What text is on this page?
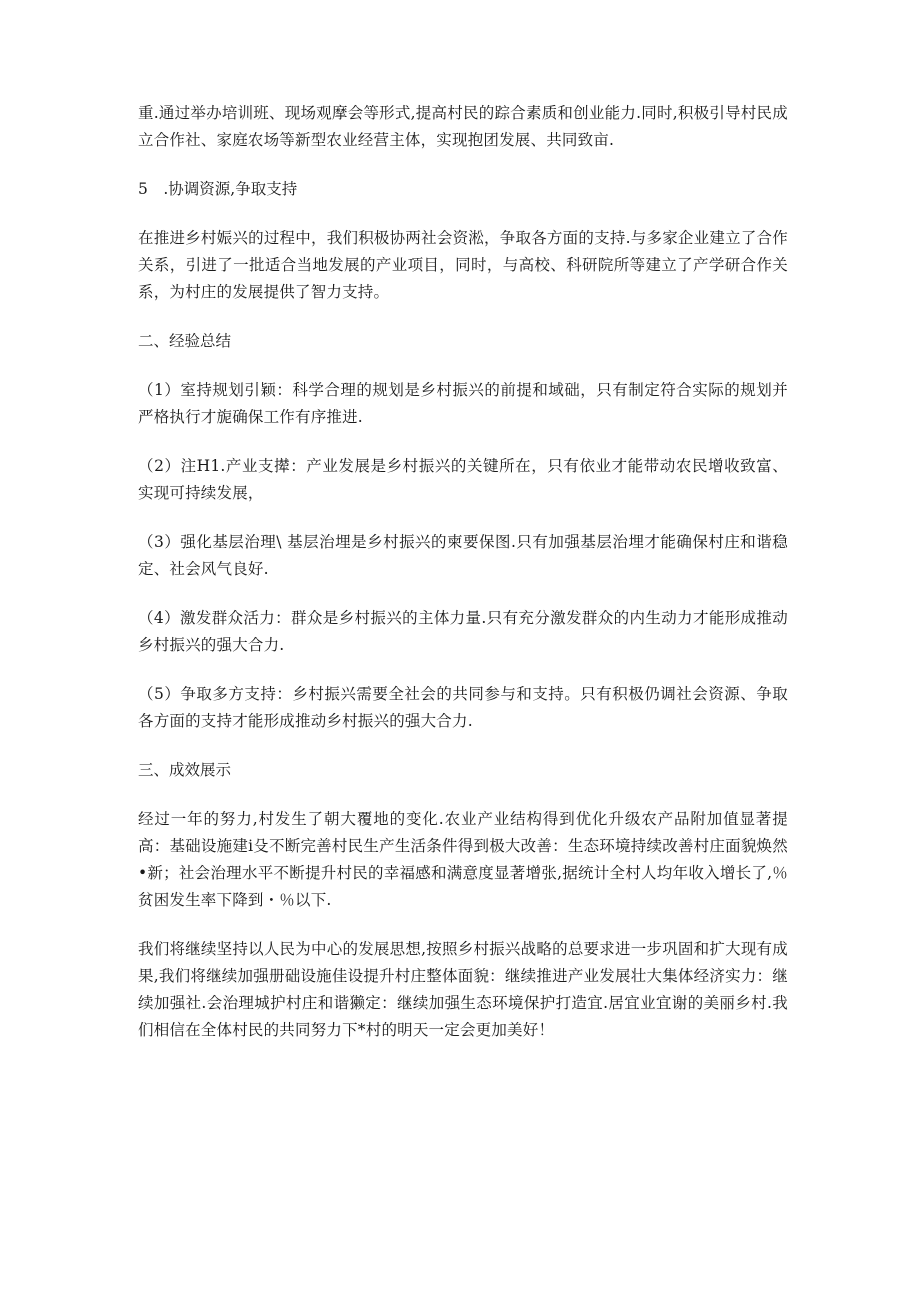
重.通过举办培训班、现场观摩会等形式,提高村民的踪合素质和创业能力.同时,积极引导村民成立合作社、家庭农场等新型农业经营主体，实现抱团发展、共同致亩.

5　.协调资源,争取支持

在推进乡村娠兴的过程中，我们积极协两社会资淞，争取各方面的支持.与多家企业建立了合作关系，引进了一批适合当地发展的产业项目，同时，与高校、科研院所等建立了产学研合作关系，为村庄的发展提供了智力支持。

二、经验总结

（1）室持规划引颖：科学合理的规划是乡村振兴的前提和域础，只有制定符合实际的规划并严格执行才旎确保工作有序推进.

（2）注H1.产业支撵：产业发展是乡村振兴的关键所在，只有依业才能带动农民增收致富、实现可持续发展，

（3）强化基层治理\ 基层治埋是乡村振兴的柬要保图.只有加强基层治埋才能确保村庄和谐稳定、社会风气良好.

（4）激发群众活力：群众是乡村振兴的主体力量.只有充分激发群众的内生动力才能形成推动乡村振兴的强大合力.

（5）争取多方支持：乡村振兴需要全社会的共同参与和支持。只有积极仍调社会资源、争取各方面的支持才能形成推动乡村振兴的强大合力.

三、成效展示

经过一年的努力,村发生了朝大覆地的变化.农业产业结构得到优化升级农产品附加值显著提高：基础设施建i殳不断完善村民生产生活条件得到极大改善：生态环境持续改善村庄面貌焕然•新；社会治理水平不断提升村民的幸福感和满意度显著增张,据统计全村人均年收入增长了,％贫困发生率下降到・％以下.

我们将继续坚持以人民为中心的发展思想,按照乡村振兴战略的总要求进一步巩固和扩大现有成果,我们将继续加强册础设施佳设提升村庄整体面貌：继续推进产业发展壮大集体经济实力：继续加强社.会治理城护村庄和谐獭定：继续加强生态环境保护打造宜.居宜业宜谢的美丽乡村.我们相信在全体村民的共同努力下*村的明天一定会更加美好！
